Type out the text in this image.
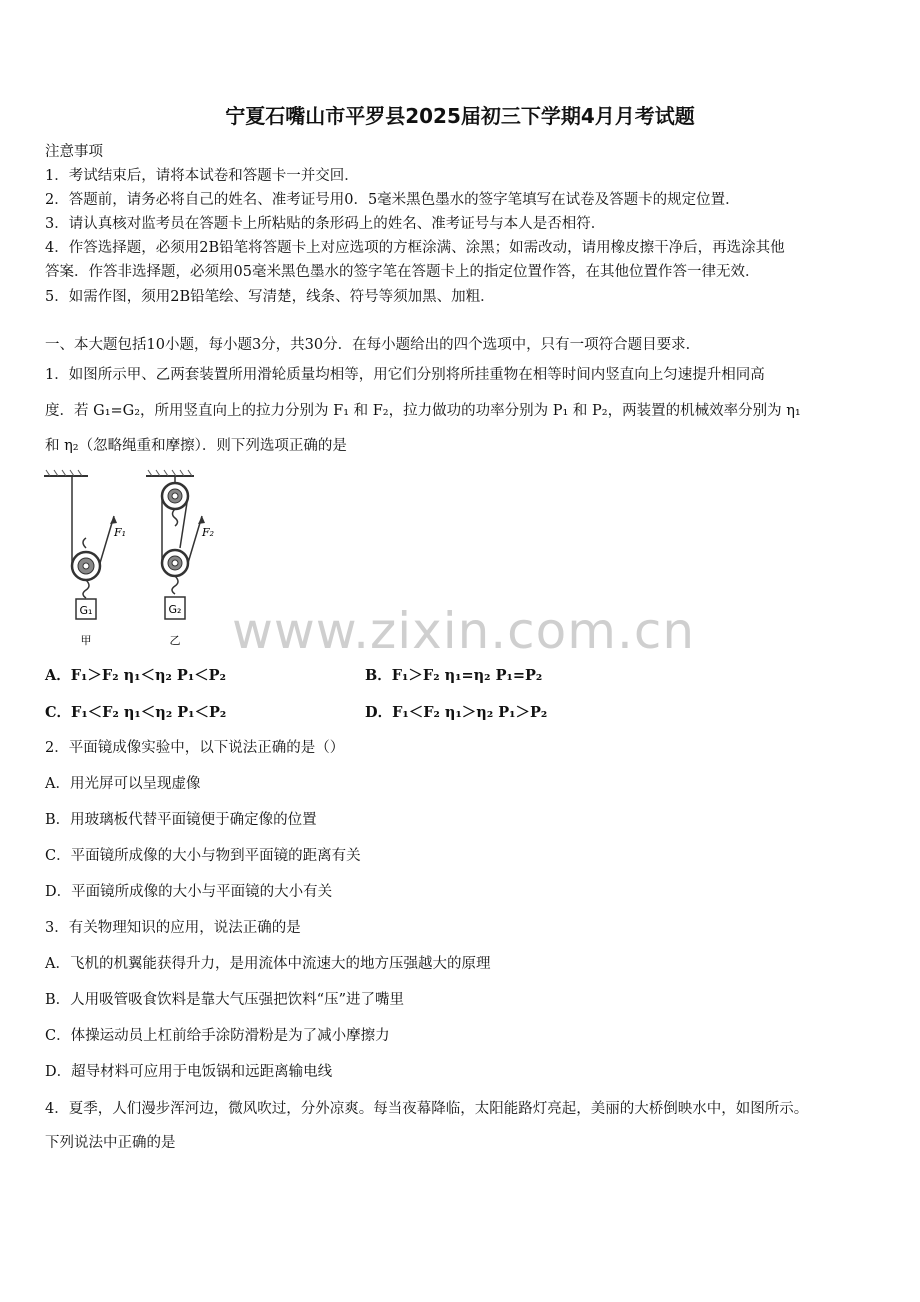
宁夏石嘴山市平罗县2025届初三下学期4月月考试题
注意事项
1．考试结束后，请将本试卷和答题卡一并交回．
2．答题前，请务必将自己的姓名、准考证号用0．5毫米黑色墨水的签字笔填写在试卷及答题卡的规定位置．
3．请认真核对监考员在答题卡上所粘贴的条形码上的姓名、准考证号与本人是否相符．
4．作答选择题，必须用2B铅笔将答题卡上对应选项的方框涂满、涂黑；如需改动，请用橡皮擦干净后，再选涂其他
答案．作答非选择题，必须用05毫米黑色墨水的签字笔在答题卡上的指定位置作答，在其他位置作答一律无效．
5．如需作图，须用2B铅笔绘、写清楚，线条、符号等须加黑、加粗．
一、本大题包括10小题，每小题3分，共30分．在每小题给出的四个选项中，只有一项符合题目要求．
1．如图所示甲、乙两套装置所用滑轮质量均相等，用它们分别将所挂重物在相等时间内竖直向上匀速提升相同高
度．若 G₁=G₂，所用竖直向上的拉力分别为 F₁ 和 F₂，拉力做功的功率分别为 P₁ 和 P₂，两装置的机械效率分别为 η₁
和 η₂（忽略绳重和摩擦）．则下列选项正确的是
G₁
F₁
甲
G₂
F₂
乙 www.zixin.com.cn
A．F₁＞F₂ η₁＜η₂ P₁＜P₂	B．F₁＞F₂ η₁=η₂ P₁=P₂
C．F₁＜F₂ η₁＜η₂ P₁＜P₂	D．F₁＜F₂ η₁＞η₂ P₁＞P₂
2．平面镜成像实验中，以下说法正确的是（）
A．用光屏可以呈现虚像
B．用玻璃板代替平面镜便于确定像的位置
C．平面镜所成像的大小与物到平面镜的距离有关
D．平面镜所成像的大小与平面镜的大小有关
3．有关物理知识的应用，说法正确的是
A．飞机的机翼能获得升力，是用流体中流速大的地方压强越大的原理
B．人用吸管吸食饮料是靠大气压强把饮料“压”进了嘴里
C．体操运动员上杠前给手涂防滑粉是为了减小摩擦力
D．超导材料可应用于电饭锅和远距离输电线
4．夏季，人们漫步浑河边，微风吹过，分外凉爽。每当夜幕降临，太阳能路灯亮起，美丽的大桥倒映水中，如图所示。
下列说法中正确的是
